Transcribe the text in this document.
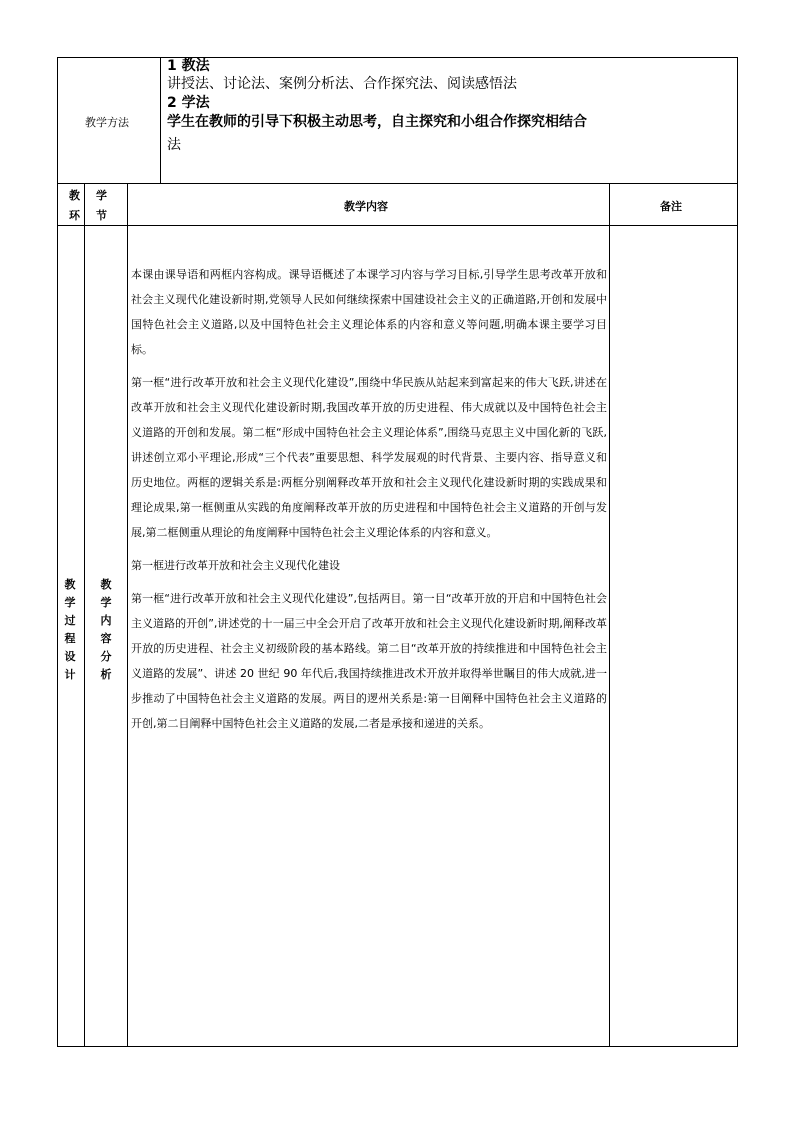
教学方法
1 教法
讲授法、讨论法、案例分析法、合作探究法、阅读感悟法
2 学法
学生在教师的引导下积极主动思考，自主探究和小组合作探究相结合
法
教
环
学
节
教学内容	备注
教
学
过
程
设
计
教
学
内
容
分
析

本课由课导语和两框内容构成。课导语概述了本课学习内容与学习目标,引导学生思考改革开放和社会主义现代化建设新时期,党领导人民如何继续探索中国建设社会主义的正确道路,开创和发展中国特色社会主义道路,以及中国特色社会主义理论体系的内容和意义等问题,明确本课主要学习目标。

第一框“进行改革开放和社会主义现代化建设”,围绕中华民族从站起来到富起来的伟大飞跃,讲述在改革开放和社会主义现代化建设新时期,我国改革开放的历史进程、伟大成就以及中国特色社会主义道路的开创和发展。第二框“形成中国特色社会主义理论体系”,围绕马克思主义中国化新的飞跃,讲述创立邓小平理论,形成“三个代表”重要思想、科学发展观的时代背景、主要内容、指导意义和历史地位。两框的逻辑关系是:两框分别阐释改革开放和社会主义现代化建设新时期的实践成果和理论成果,第一框侧重从实践的角度阐释改革开放的历史进程和中国特色社会主义道路的开创与发展,第二框侧重从理论的角度阐释中国特色社会主义理论体系的内容和意义。

第一框进行改革开放和社会主义现代化建设

第一框“进行改革开放和社会主义现代化建设”,包括两目。第一目“改革开放的开启和中国特色社会主义道路的开创”,讲述党的十一届三中全会开启了改革开放和社会主义现代化建设新时期,阐释改革开放的历史进程、社会主义初级阶段的基本路线。第二目“改革开放的持续推进和中国特色社会主义道路的发展”、讲述 20 世纪 90 年代后,我国持续推进改术开放并取得举世瞩目的伟大成就,进一步推动了中国特色社会主义道路的发展。两目的逻州关系是:第一目阐释中国特色社会主义道路的开创,第二目阐释中国特色社会主义道路的发展,二者是承接和递进的关系。
